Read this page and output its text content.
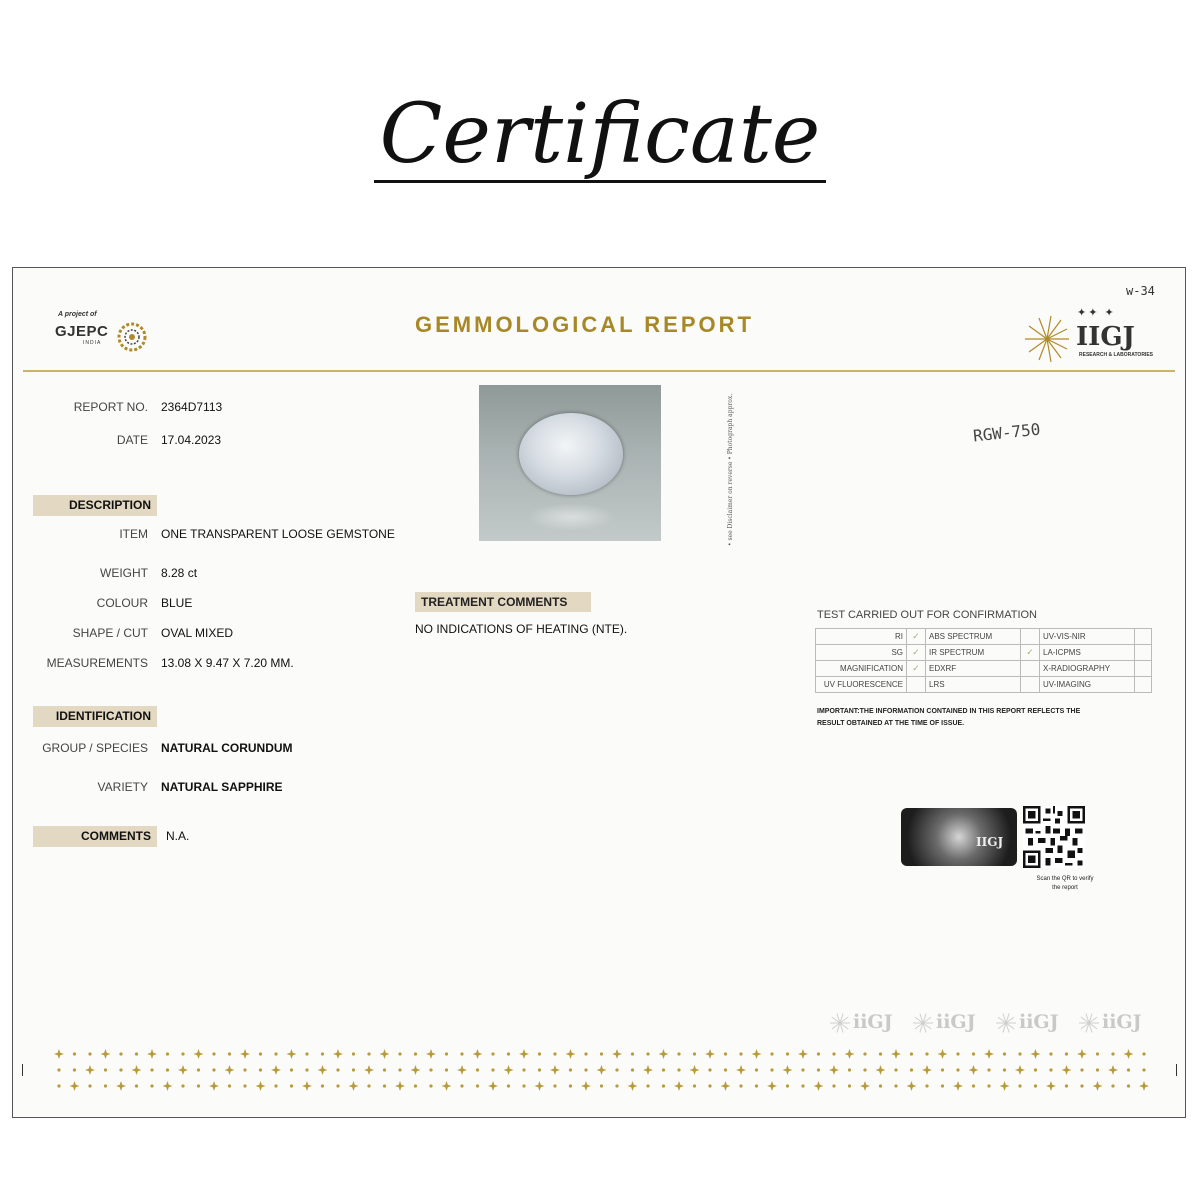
Certificate
A project of
GJEPC
INDIA
GEMMOLOGICAL REPORT
w-34
✦✦ ✦
IIGJ
RESEARCH & LABORATORIES
REPORT NO. 2364D7113
DATE 17.04.2023
DESCRIPTION
ITEM ONE TRANSPARENT LOOSE GEMSTONE
WEIGHT 8.28 ct
COLOUR BLUE
SHAPE / CUT OVAL MIXED
MEASUREMENTS 13.08 X 9.47 X 7.20 MM.
IDENTIFICATION
GROUP / SPECIES NATURAL CORUNDUM
VARIETY NATURAL SAPPHIRE
COMMENTS	N.A.
• see Disclaimer on reverse • Photograph approx.	RGW-750
TREATMENT COMMENTS
NO INDICATIONS OF HEATING (NTE).
TEST CARRIED OUT FOR CONFIRMATION
RI	✓	ABS SPECTRUM		UV-VIS-NIR	
SG	✓	IR SPECTRUM	✓	LA-ICPMS	
MAGNIFICATION	✓	EDXRF		X-RADIOGRAPHY	
UV FLUORESCENCE		LRS		UV-IMAGING	
IMPORTANT:THE INFORMATION CONTAINED IN THIS REPORT REFLECTS THE RESULT OBTAINED AT THE TIME OF ISSUE.
IIGJ
Scan the QR to verify the report
iiGJ iiGJ iiGJ iiGJ
